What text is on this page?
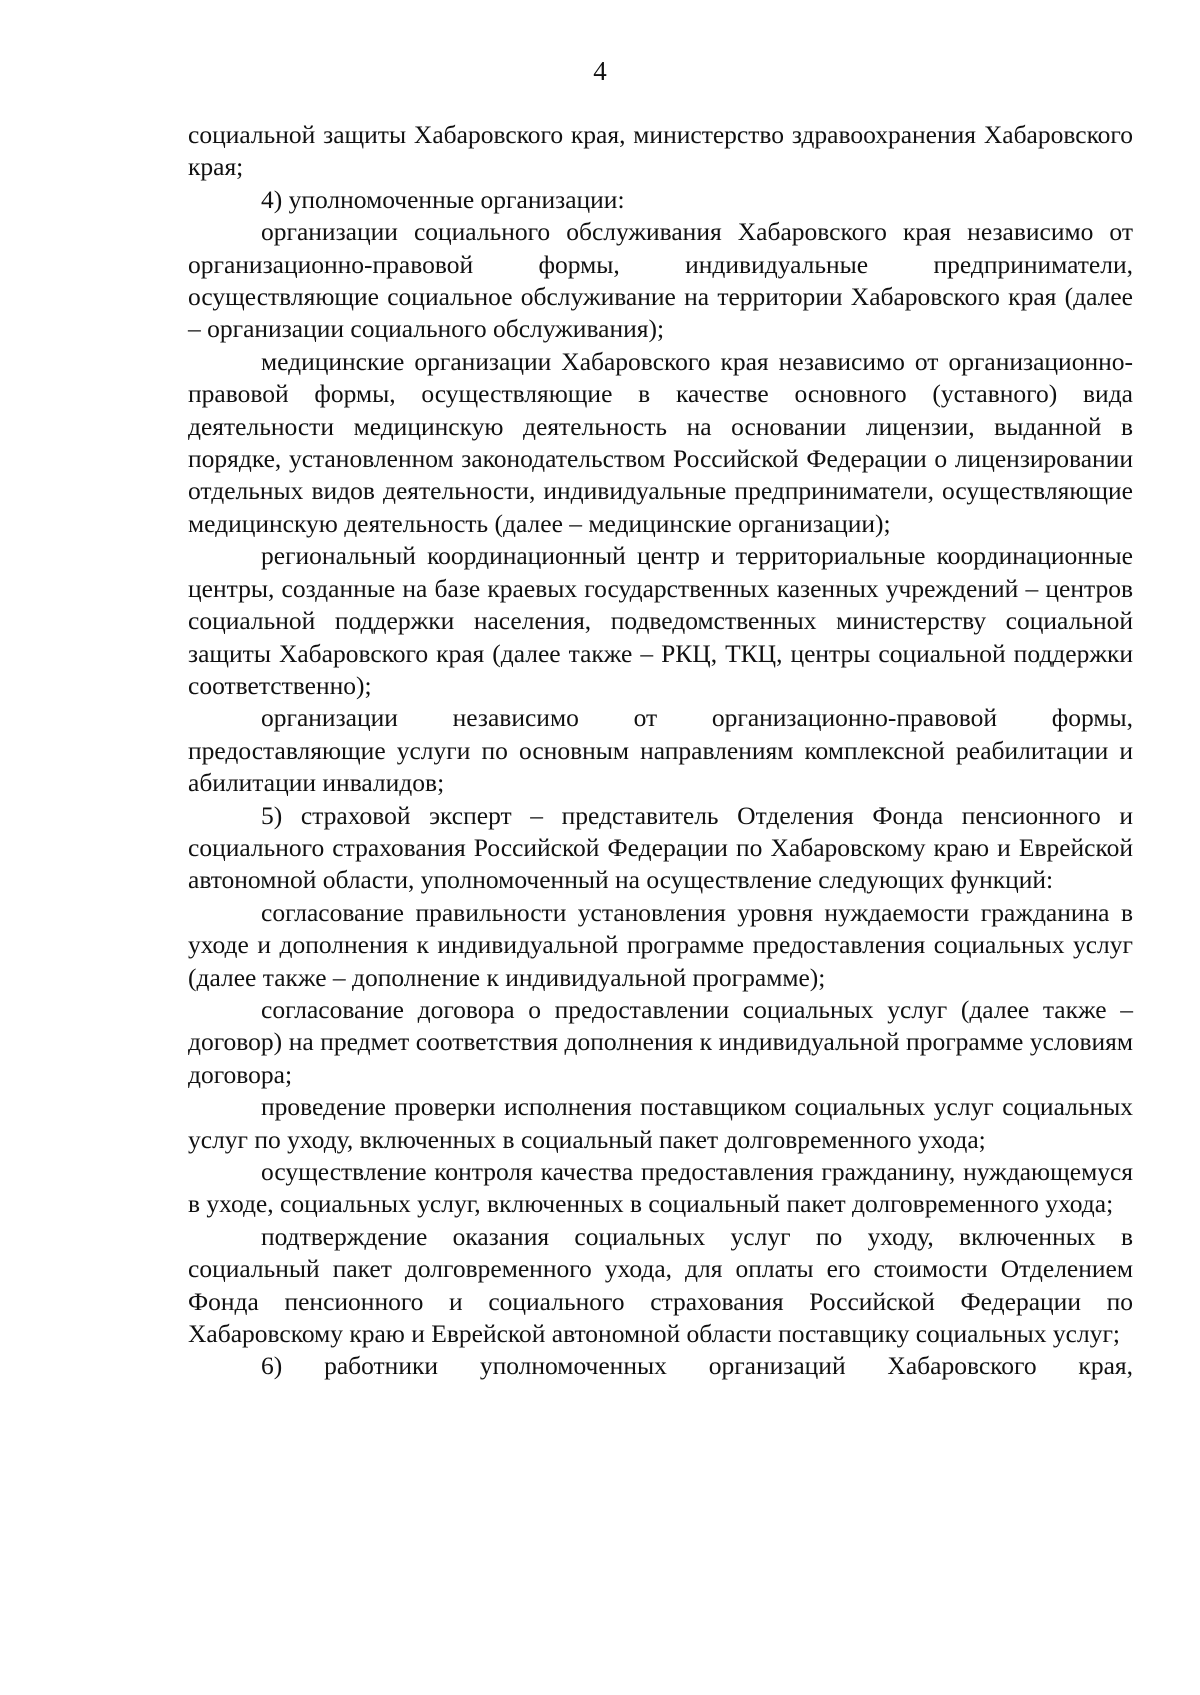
4

социальной защиты Хабаровского края, министерство здравоохранения Хабаровского края;

4) уполномоченные организации:

организации социального обслуживания Хабаровского края независимо от организационно-правовой формы, индивидуальные предприниматели, осуществляющие социальное обслуживание на территории Хабаровского края (далее – организации социального обслуживания);

медицинские организации Хабаровского края независимо от организационно-правовой формы, осуществляющие в качестве основного (уставного) вида деятельности медицинскую деятельность на основании лицензии, выданной в порядке, установленном законодательством Российской Федерации о лицензировании отдельных видов деятельности, индивидуальные предприниматели, осуществляющие медицинскую деятельность (далее – медицинские организации);

региональный координационный центр и территориальные координационные центры, созданные на базе краевых государственных казенных учреждений – центров социальной поддержки населения, подведомственных министерству социальной защиты Хабаровского края (далее также – РКЦ, ТКЦ, центры социальной поддержки соответственно);

организации независимо от организационно-правовой формы, предоставляющие услуги по основным направлениям комплексной реабилитации и абилитации инвалидов;

5) страховой эксперт – представитель Отделения Фонда пенсионного и социального страхования Российской Федерации по Хабаровскому краю и Еврейской автономной области, уполномоченный на осуществление следующих функций:

согласование правильности установления уровня нуждаемости гражданина в уходе и дополнения к индивидуальной программе предоставления социальных услуг (далее также – дополнение к индивидуальной программе);

согласование договора о предоставлении социальных услуг (далее также – договор) на предмет соответствия дополнения к индивидуальной программе условиям договора;

проведение проверки исполнения поставщиком социальных услуг социальных услуг по уходу, включенных в социальный пакет долговременного ухода;

осуществление контроля качества предоставления гражданину, нуждающемуся в уходе, социальных услуг, включенных в социальный пакет долговременного ухода;

подтверждение оказания социальных услуг по уходу, включенных в социальный пакет долговременного ухода, для оплаты его стоимости Отделением Фонда пенсионного и социального страхования Российской Федерации по Хабаровскому краю и Еврейской автономной области поставщику социальных услуг;

6) работники уполномоченных организаций Хабаровского края,
